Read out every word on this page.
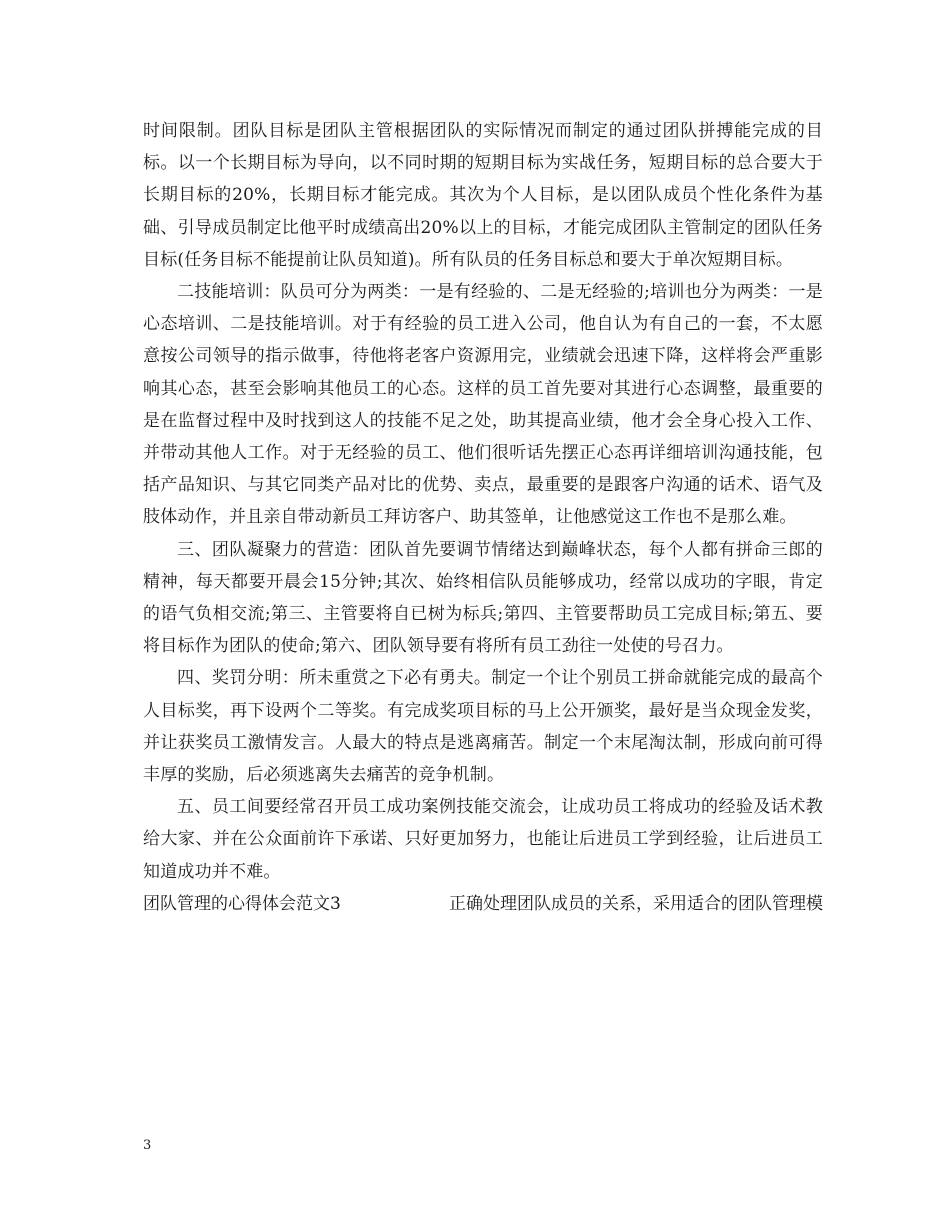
时间限制。团队目标是团队主管根据团队的实际情况而制定的通过团队拼搏能完成的目标。以一个长期目标为导向，以不同时期的短期目标为实战任务，短期目标的总合要大于长期目标的20%，长期目标才能完成。其次为个人目标，是以团队成员个性化条件为基础、引导成员制定比他平时成绩高出20%以上的目标，才能完成团队主管制定的团队任务目标(任务目标不能提前让队员知道)。所有队员的任务目标总和要大于单次短期目标。

二技能培训：队员可分为两类：一是有经验的、二是无经验的;培训也分为两类：一是心态培训、二是技能培训。对于有经验的员工进入公司，他自认为有自己的一套，不太愿意按公司领导的指示做事，待他将老客户资源用完，业绩就会迅速下降，这样将会严重影响其心态，甚至会影响其他员工的心态。这样的员工首先要对其进行心态调整，最重要的是在监督过程中及时找到这人的技能不足之处，助其提高业绩，他才会全身心投入工作、并带动其他人工作。对于无经验的员工、他们很听话先摆正心态再详细培训沟通技能，包括产品知识、与其它同类产品对比的优势、卖点，最重要的是跟客户沟通的话术、语气及肢体动作，并且亲自带动新员工拜访客户、助其签单，让他感觉这工作也不是那么难。

三、团队凝聚力的营造：团队首先要调节情绪达到巅峰状态，每个人都有拼命三郎的精神，每天都要开晨会15分钟;其次、始终相信队员能够成功，经常以成功的字眼，肯定的语气负相交流;第三、主管要将自已树为标兵;第四、主管要帮助员工完成目标;第五、要将目标作为团队的使命;第六、团队领导要有将所有员工劲往一处使的号召力。

四、奖罚分明：所未重赏之下必有勇夫。制定一个让个别员工拼命就能完成的最高个人目标奖，再下设两个二等奖。有完成奖项目标的马上公开颁奖，最好是当众现金发奖，并让获奖员工激情发言。人最大的特点是逃离痛苦。制定一个末尾淘汰制，形成向前可得丰厚的奖励，后必须逃离失去痛苦的竞争机制。

五、员工间要经常召开员工成功案例技能交流会，让成功员工将成功的经验及话术教给大家、并在公众面前许下承诺、只好更加努力，也能让后进员工学到经验，让后进员工知道成功并不难。

团队管理的心得体会范文3	正确处理团队成员的关系，采用适合的团队管理模
3
